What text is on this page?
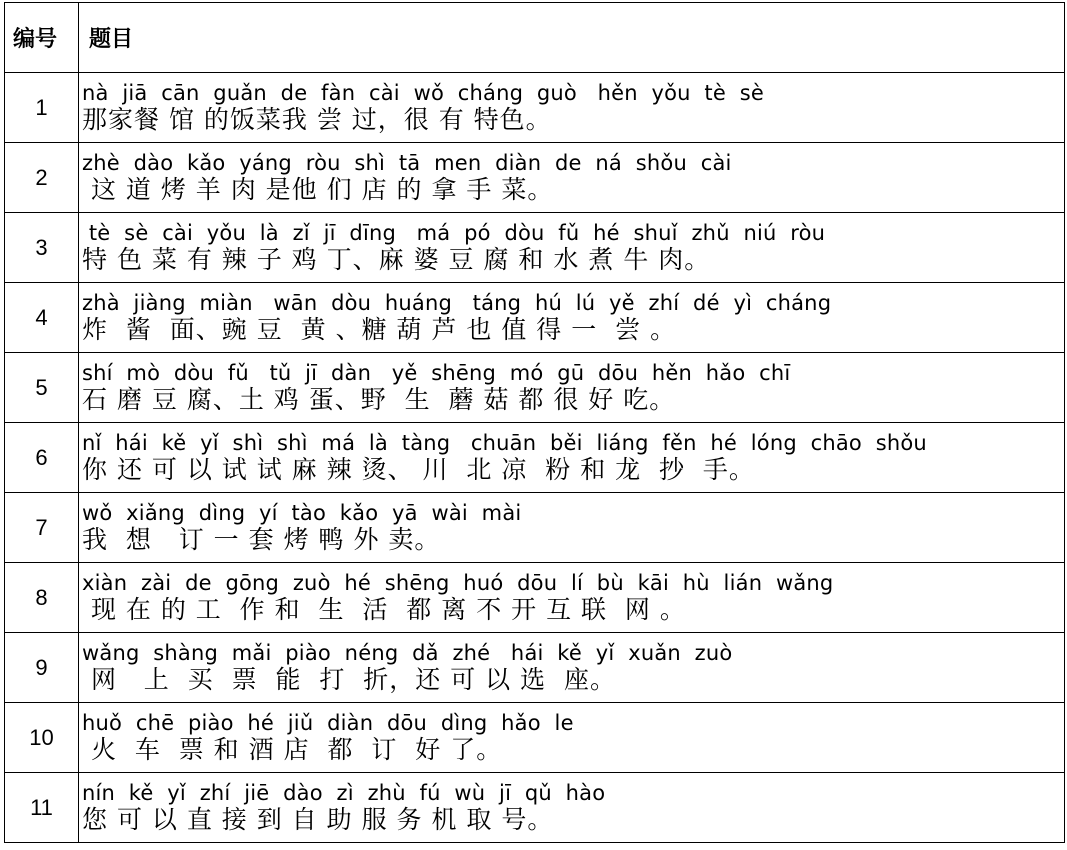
编号	题目
1	nà  jiā  cān  guǎn  de  fàn  cài  wǒ  cháng  guò   hěn  yǒu  tè  sè
那家餐 馆 的饭菜我 尝 过，很 有 特色。

2	zhè  dào  kǎo  yáng  ròu  shì  tā  men  diàn  de  ná  shǒu  cài
这 道 烤 羊 肉 是他 们 店 的 拿 手 菜。

3	tè  sè  cài  yǒu  là  zǐ  jī  dīng   má  pó  dòu  fǔ  hé  shuǐ  zhǔ  niú  ròu
特 色 菜 有 辣 子 鸡 丁、麻 婆 豆 腐 和 水 煮 牛 肉。

4	zhà  jiàng  miàn   wān  dòu  huáng   táng  hú  lú  yě  zhí  dé  yì  cháng
炸  酱  面、豌 豆  黄 、糖 葫 芦 也 值 得 一  尝 。

5	shí  mò  dòu  fǔ   tǔ  jī  dàn   yě  shēng  mó  gū  dōu  hěn  hǎo  chī
石 磨 豆 腐、土 鸡 蛋、野  生  蘑 菇 都 很 好 吃。

6	nǐ  hái  kě  yǐ  shì  shì  má  là  tàng   chuān  běi  liáng  fěn  hé  lóng  chāo  shǒu
你 还 可 以 试 试 麻 辣 烫、 川  北 凉  粉 和 龙  抄  手。

7	wǒ  xiǎng  dìng  yí  tào  kǎo  yā  wài  mài
我  想   订 一 套 烤 鸭 外 卖。

8	xiàn  zài  de  gōng  zuò  hé  shēng  huó  dōu  lí  bù  kāi  hù  lián  wǎng
现 在 的 工  作 和  生  活  都 离 不 开 互 联  网 。

9	wǎng  shàng  mǎi  piào  néng  dǎ  zhé   hái  kě  yǐ  xuǎn  zuò
网   上  买  票  能  打  折，还 可 以 选  座。

10	huǒ  chē  piào  hé  jiǔ  diàn  dōu  dìng  hǎo  le
火  车  票 和 酒 店  都  订  好 了。

11	nín  kě  yǐ  zhí  jiē  dào  zì  zhù  fú  wù  jī  qǔ  hào
您 可 以 直 接 到 自 助 服 务 机 取 号。
